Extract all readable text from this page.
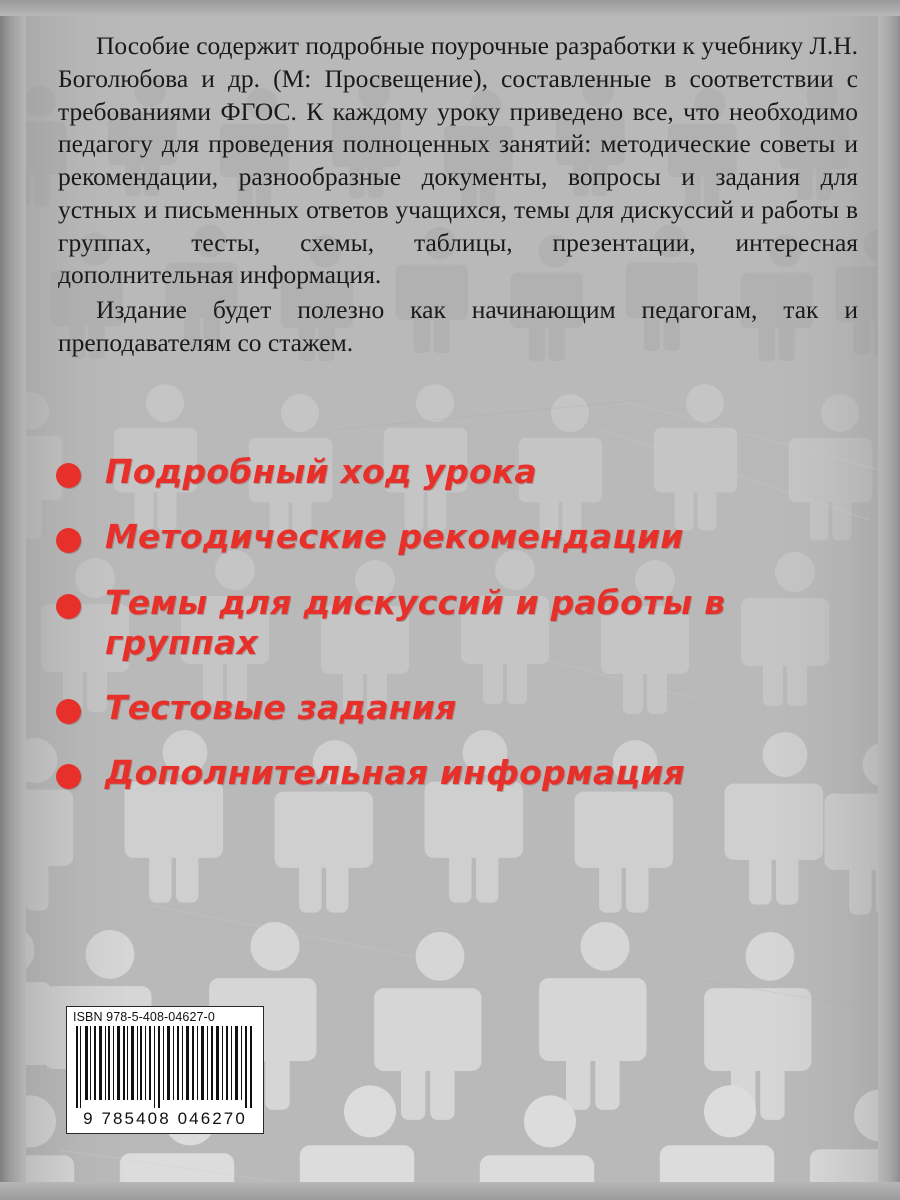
Пособие содержит подробные поурочные разработки к учебнику Л.Н. Боголюбова и др. (М: Просвещение), составленные в соответствии с требованиями ФГОС. К каждому уроку приведено все, что необходимо педагогу для проведения полноценных занятий: методические советы и рекомендации, разнообразные документы, вопросы и задания для устных и письменных ответов учащихся, темы для дискуссий и работы в группах, тесты, схемы, таблицы, презентации, интересная дополнительная информация.

Издание будет полезно как начинающим педагогам, так и преподавателям со стажем.

Подробный ход урока
Методические рекомендации
Темы для дискуссий и работы в группах
Тестовые задания
Дополнительная информация
ISBN 978-5-408-04627-0
9 785408 046270
